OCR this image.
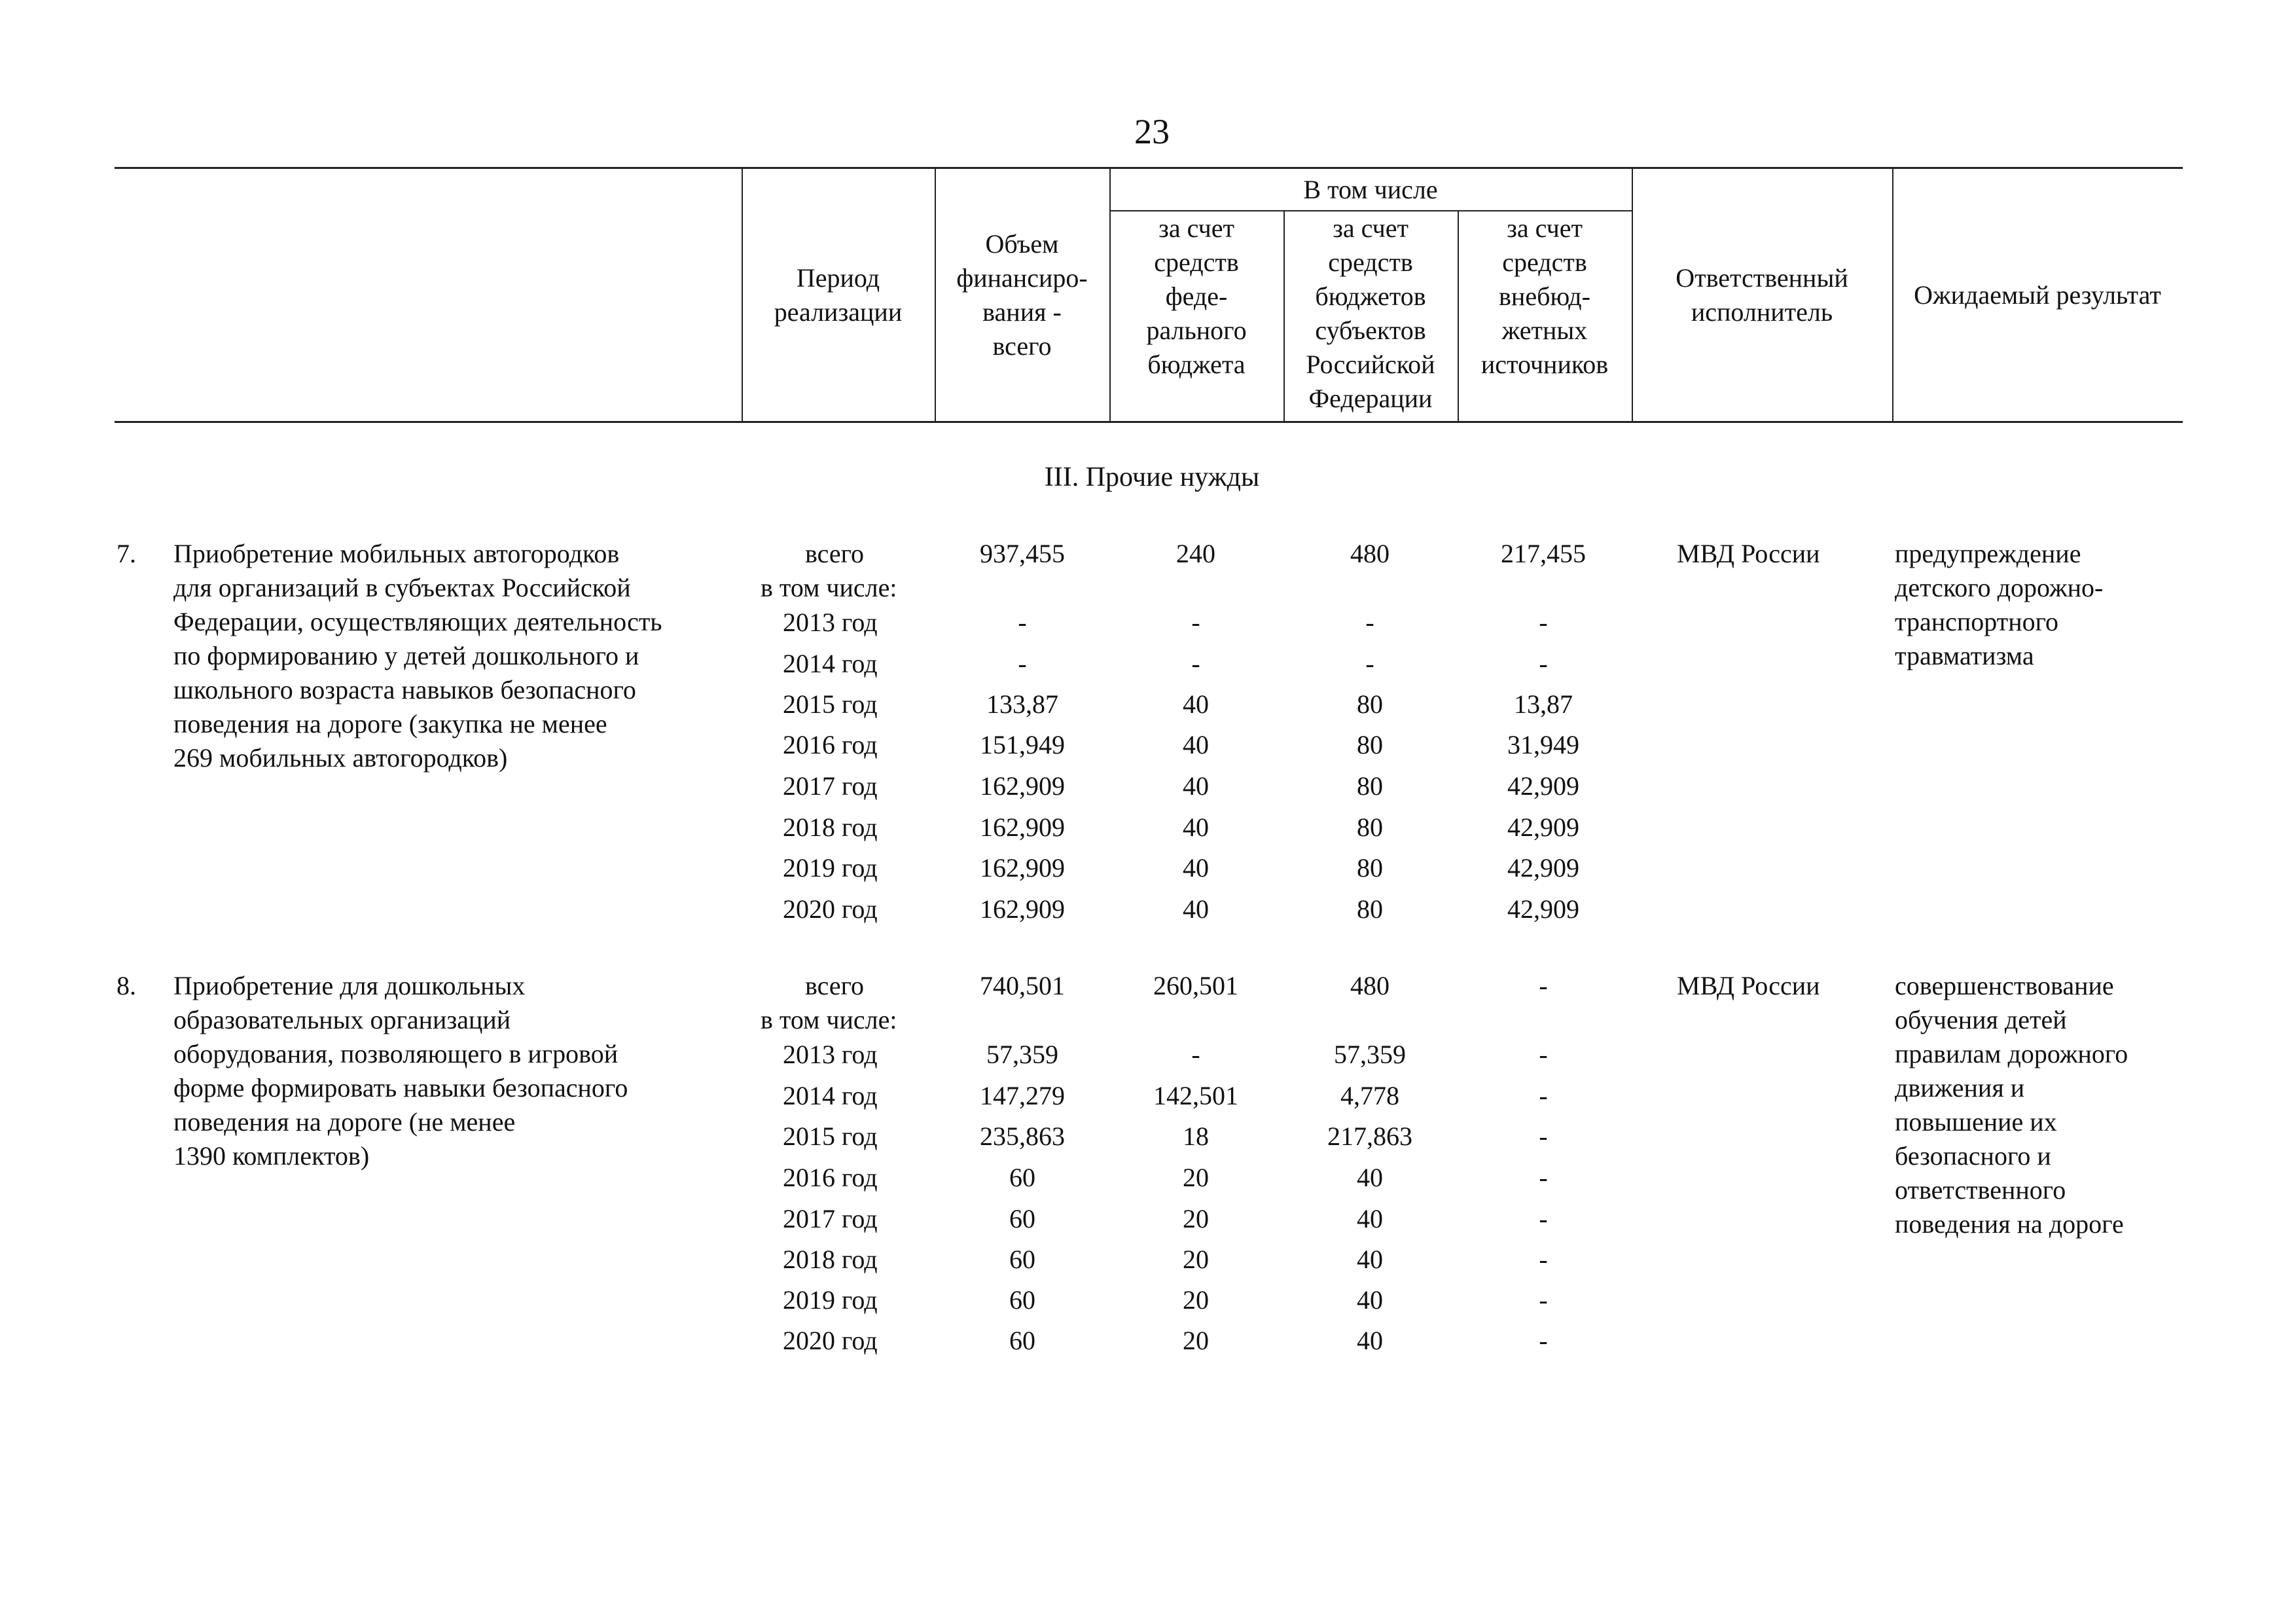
23
Период
реализации
Объем
финансиро-
вания -
всего
В том числе
за счет
средств
феде-
рального
бюджета
за счет
средств
бюджетов
субъектов
Российской
Федерации
за счет
средств
внебюд-
жетных
источников
Ответственный
исполнитель
Ожидаемый результат
III. Прочие нужды
7. Приобретение мобильных автогородков
для организаций в субъектах Российской
Федерации, осуществляющих деятельность
по формированию у детей дошкольного и
школьного возраста навыков безопасного
поведения на дороге (закупка не менее
269 мобильных автогородков)
МВД России	предупреждение
детского дорожно-
транспортного
травматизма
всего
в том числе:
2013 год
2014 год
2015 год
2016 год
2017 год
2018 год
2019 год
2020 год
937,455
-
-
133,87
151,949
162,909
162,909
162,909
162,909
240
-
-
40
40
40
40
40
40
480
-
-
80
80
80
80
80
80
217,455
-
-
13,87
31,949
42,909
42,909
42,909
42,909
8. Приобретение для дошкольных
образовательных организаций
оборудования, позволяющего в игровой
форме формировать навыки безопасного
поведения на дороге (не менее
1390 комплектов)
МВД России	совершенствование
обучения детей
правилам дорожного
движения и
повышение их
безопасного и
ответственного
поведения на дороге
всего
в том числе:
2013 год
2014 год
2015 год
2016 год
2017 год
2018 год
2019 год
2020 год
740,501
57,359
147,279
235,863
60
60
60
60
60
260,501
-
142,501
18
20
20
20
20
20
480
57,359
4,778
217,863
40
40
40
40
40
-
-
-
-
-
-
-
-
-
